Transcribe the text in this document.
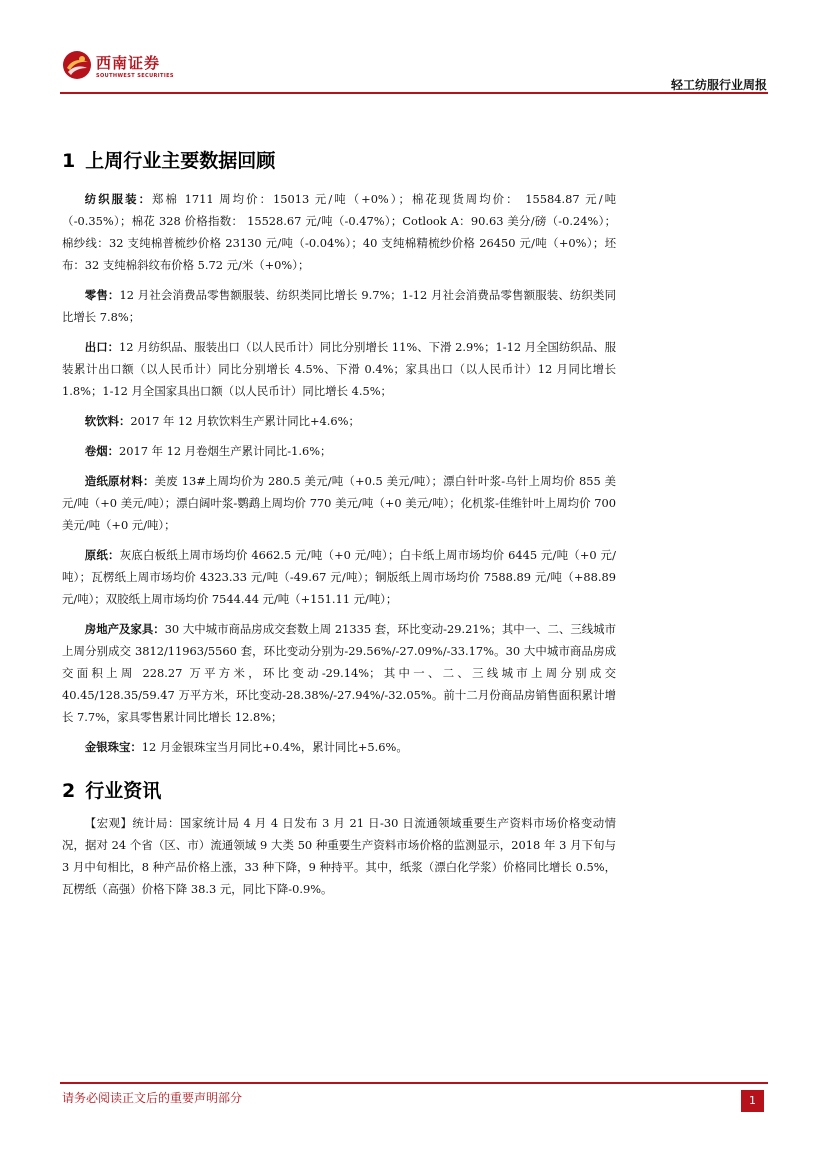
西南证券
SOUTHWEST SECURITIES
轻工纺服行业周报
1 上周行业主要数据回顾

纺织服装：郑棉 1711 周均价：15013 元/吨（+0%）；棉花现货周均价： 15584.87 元/吨（-0.35%）；棉花 328 价格指数： 15528.67 元/吨（-0.47%）；Cotlook A：90.63 美分/磅（-0.24%）；棉纱线：32 支纯棉普梳纱价格 23130 元/吨（-0.04%）；40 支纯棉精梳纱价格 26450 元/吨（+0%）；坯布：32 支纯棉斜纹布价格 5.72 元/米（+0%）；

零售：12 月社会消费品零售额服装、纺织类同比增长 9.7%；1-12 月社会消费品零售额服装、纺织类同比增长 7.8%；

出口：12 月纺织品、服装出口（以人民币计）同比分别增长 11%、下滑 2.9%；1-12 月全国纺织品、服装累计出口额（以人民币计）同比分别增长 4.5%、下滑 0.4%；家具出口（以人民币计）12 月同比增长 1.8%；1-12 月全国家具出口额（以人民币计）同比增长 4.5%；

软饮料：2017 年 12 月软饮料生产累计同比+4.6%；

卷烟：2017 年 12 月卷烟生产累计同比-1.6%；

造纸原材料：美废 13#上周均价为 280.5 美元/吨（+0.5 美元/吨）；漂白针叶浆-乌针上周均价 855 美元/吨（+0 美元/吨）；漂白阔叶浆-鹦鹉上周均价 770 美元/吨（+0 美元/吨）；化机浆-佳维针叶上周均价 700 美元/吨（+0 元/吨）；

原纸：灰底白板纸上周市场均价 4662.5 元/吨（+0 元/吨）；白卡纸上周市场均价 6445 元/吨（+0 元/吨）；瓦楞纸上周市场均价 4323.33 元/吨（-49.67 元/吨）；铜版纸上周市场均价 7588.89 元/吨（+88.89 元/吨）；双胶纸上周市场均价 7544.44 元/吨（+151.11 元/吨）；

房地产及家具：30 大中城市商品房成交套数上周 21335 套，环比变动-29.21%；其中一、二、三线城市上周分别成交 3812/11963/5560 套，环比变动分别为-29.56%/-27.09%/-33.17%。30 大中城市商品房成交面积上周 228.27 万平方米，环比变动-29.14%；其中一、二、三线城市上周分别成交 40.45/128.35/59.47 万平方米，环比变动-28.38%/-27.94%/-32.05%。前十二月份商品房销售面积累计增长 7.7%，家具零售累计同比增长 12.8%；

金银珠宝：12 月金银珠宝当月同比+0.4%，累计同比+5.6%。

2 行业资讯

【宏观】统计局：国家统计局 4 月 4 日发布 3 月 21 日-30 日流通领域重要生产资料市场价格变动情况，据对 24 个省（区、市）流通领域 9 大类 50 种重要生产资料市场价格的监测显示，2018 年 3 月下旬与 3 月中旬相比，8 种产品价格上涨，33 种下降，9 种持平。其中，纸浆（漂白化学浆）价格同比增长 0.5%，瓦楞纸（高强）价格下降 38.3 元，同比下降-0.9%。

请务必阅读正文后的重要声明部分	1
